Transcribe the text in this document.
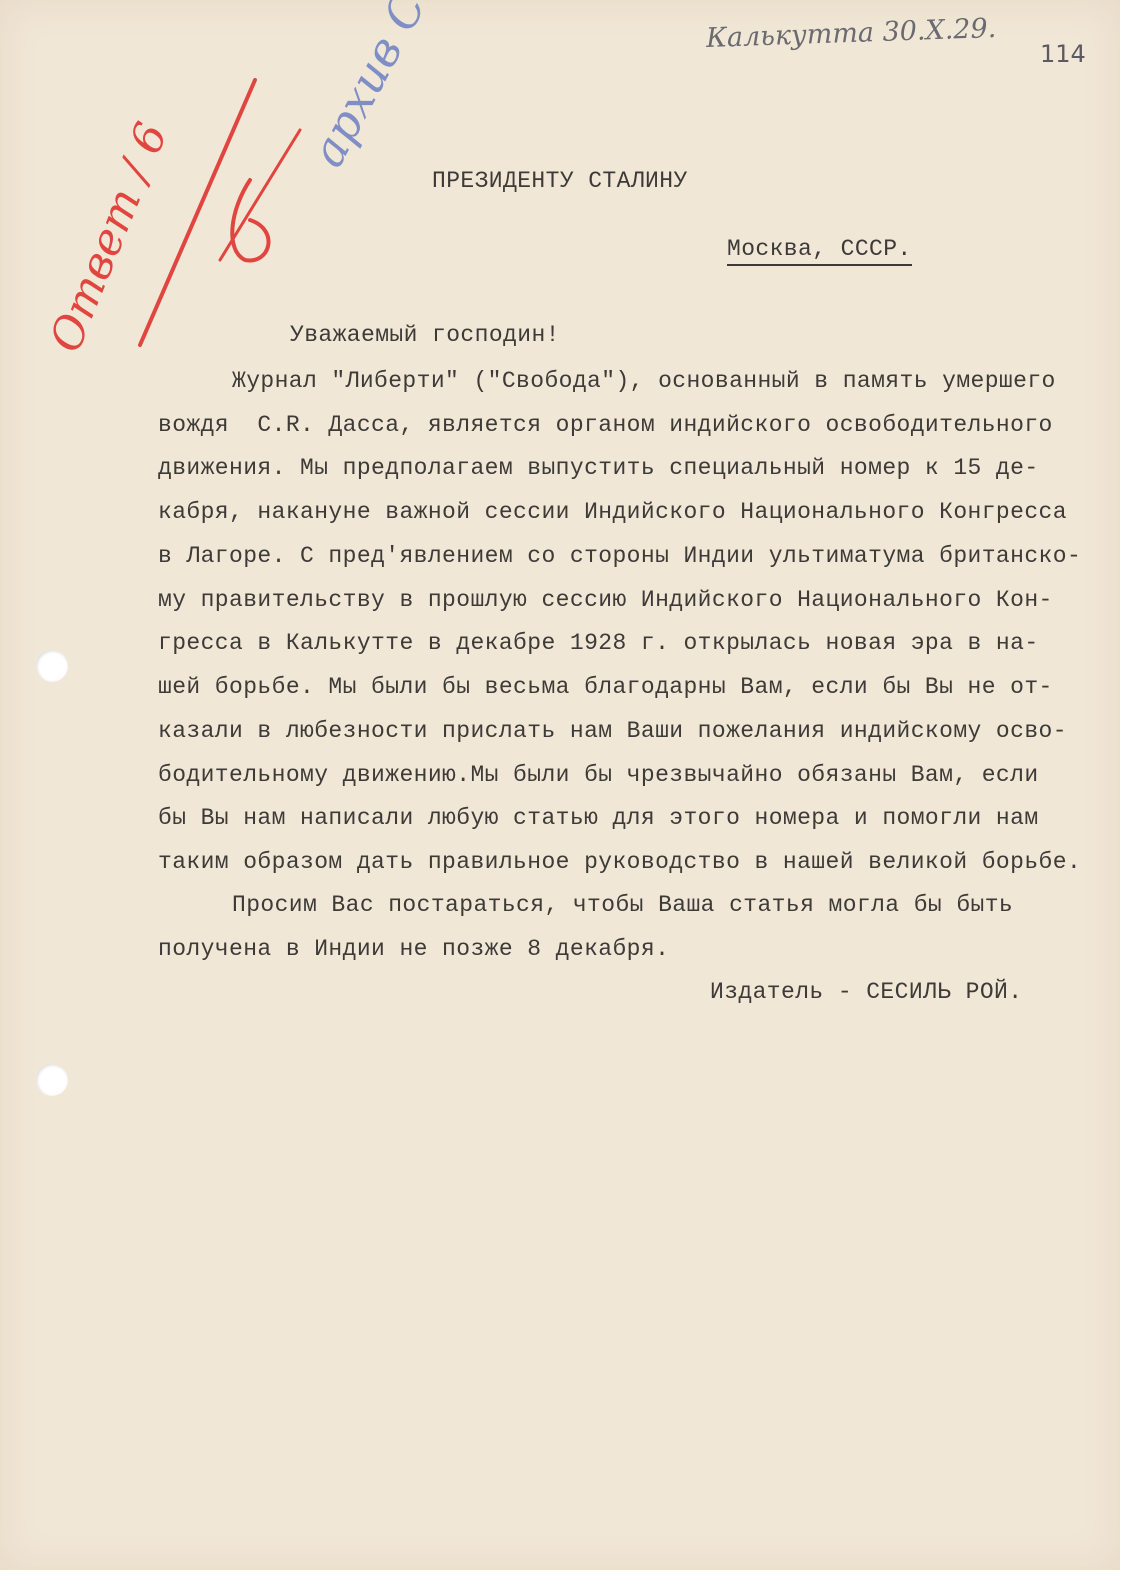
Калькутта 30.X.29. 114
Ответ / 6	ПРЕЗИДЕНТУ СТАЛИНУ
Москва, СССР.
Уважаемый господин!
Журнал "Либерти" ("Свобода"), основанный в память умершего
вождя  C.R. Дасса, является органом индийского освободительного
движения. Мы предполагаем выпустить специальный номер к 15 де-
кабря, накануне важной сессии Индийского Национального Конгресса
в Лагоре. С пред'явлением со стороны Индии ультиматума британско-
му правительству в прошлую сессию Индийского Национального Кон-
гресса в Калькутте в декабре 1928 г. открылась новая эра в на-
шей борьбе. Мы были бы весьма благодарны Вам, если бы Вы не от-
казали в любезности прислать нам Ваши пожелания индийскому осво-
бодительному движению.Мы были бы чрезвычайно обязаны Вам, если
бы Вы нам написали любую статью для этого номера и помогли нам
таким образом дать правильное руководство в нашей великой борьбе.
Просим Вас постараться, чтобы Ваша статья могла бы быть
получена в Индии не позже 8 декабря.
Издатель - СЕСИЛЬ РОЙ.
